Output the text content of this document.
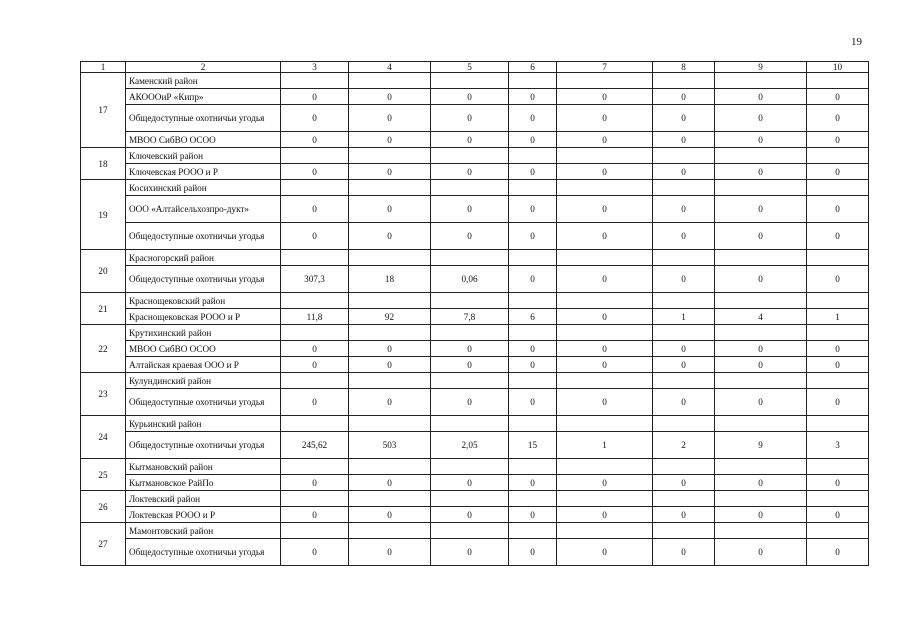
19
1	2	3	4	5	6	7	8	9	10
17	Каменский район								
	АКОООиР «Кипр»	0	0	0	0	0	0	0	0
	Общедоступные охотничьи угодья	0	0	0	0	0	0	0	0
	МВОО СибВО ОСОО	0	0	0	0	0	0	0	0
18	Ключевский район								
	Ключевская РООО и Р	0	0	0	0	0	0	0	0
19	Косихинский район								
	ООО «Алтайсельхозпро-дукт»	0	0	0	0	0	0	0	0
	Общедоступные охотничьи угодья	0	0	0	0	0	0	0	0
20	Красногорский район								
	Общедоступные охотничьи угодья	307,3	18	0,06	0	0	0	0	0
21	Краснощековский район								
	Краснощековская РООО и Р	11,8	92	7,8	6	0	1	4	1
22	Крутихинский район								
	МВОО СибВО ОСОО	0	0	0	0	0	0	0	0
	Алтайская краевая ООО и Р	0	0	0	0	0	0	0	0
23	Кулундинский район								
	Общедоступные охотничьи угодья	0	0	0	0	0	0	0	0
24	Курьинский район								
	Общедоступные охотничьи угодья	245,62	503	2,05	15	1	2	9	3
25	Кытмановский район								
	Кытмановское РайПо	0	0	0	0	0	0	0	0
26	Локтевский район								
	Локтевская РООО и Р	0	0	0	0	0	0	0	0
27	Мамонтовский район								
	Общедоступные охотничьи угодья	0	0	0	0	0	0	0	0
